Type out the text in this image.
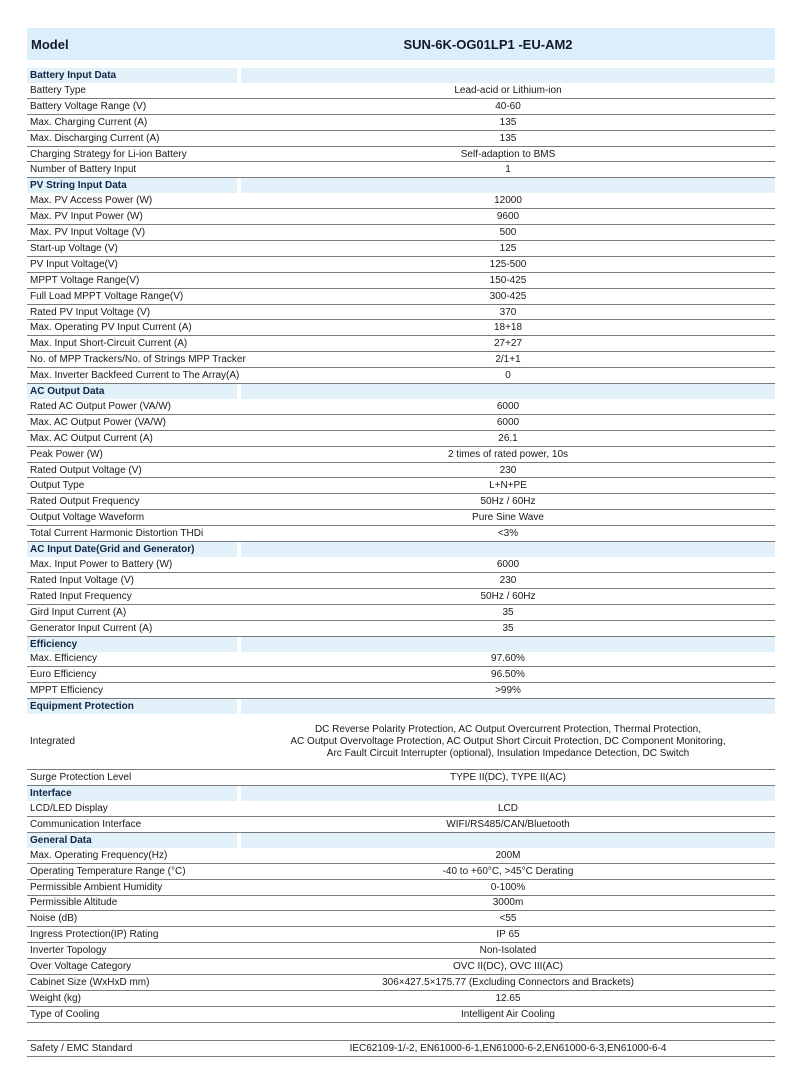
Model	SUN-6K-OG01LP1 -EU-AM2
Battery Input Data
Battery Type	Lead-acid or Lithium-ion
Battery Voltage Range (V)	40-60
Max. Charging Current (A)	135
Max. Discharging Current (A)	135
Charging Strategy for Li-ion Battery	Self-adaption to BMS
Number of Battery Input	1
PV String Input Data
Max. PV Access Power (W)	12000
Max. PV Input Power (W)	9600
Max. PV Input Voltage (V)	500
Start-up Voltage (V)	125
PV Input Voltage(V)	125-500
MPPT Voltage Range(V)	150-425
Full Load MPPT Voltage Range(V)	300-425
Rated PV Input Voltage (V)	370
Max. Operating PV Input Current (A)	18+18
Max. Input Short-Circuit Current (A)	27+27
No. of MPP Trackers/No. of Strings MPP Tracker	2/1+1
Max. Inverter Backfeed Current to The Array(A)	0
AC Output Data
Rated AC Output Power (VA/W)	6000
Max. AC Output Power (VA/W)	6000
Max. AC Output Current (A)	26.1
Peak Power (W)	2 times of rated power, 10s
Rated Output Voltage (V)	230
Output Type	L+N+PE
Rated Output Frequency	50Hz / 60Hz
Output Voltage Waveform	Pure Sine Wave
Total Current Harmonic Distortion THDi	<3%
AC Input Date(Grid and Generator)
Max. Input Power to Battery (W)	6000
Rated Input Voltage (V)	230
Rated Input Frequency	50Hz / 60Hz
Gird Input Current (A)	35
Generator Input Current (A)	35
Efficiency
Max. Efficiency	97.60%
Euro Efficiency	96.50%
MPPT Efficiency	>99%
Equipment Protection
Integrated
DC Reverse Polarity Protection, AC Output Overcurrent Protection, Thermal Protection,
AC Output Overvoltage Protection, AC Output Short Circuit Protection, DC Component Monitoring,
Arc Fault Circuit Interrupter (optional), Insulation Impedance Detection, DC Switch
Surge Protection Level	TYPE II(DC), TYPE II(AC)
Interface
LCD/LED Display	LCD
Communication Interface	WIFI/RS485/CAN/Bluetooth
General Data
Max. Operating Frequency(Hz)	200M
Operating Temperature Range (°C)	-40 to +60°C, >45°C Derating
Permissible Ambient Humidity	0-100%
Permissible Altitude	3000m
Noise (dB)	<55
Ingress Protection(IP) Rating	IP 65
Inverter Topology	Non-Isolated
Over Voltage Category	OVC II(DC), OVC III(AC)
Cabinet Size (WxHxD mm)	306×427.5×175.77 (Excluding Connectors and Brackets)
Weight (kg)	12.65
Type of Cooling	Intelligent Air Cooling
Safety / EMC Standard	IEC62109-1/-2, EN61000-6-1,EN61000-6-2,EN61000-6-3,EN61000-6-4
